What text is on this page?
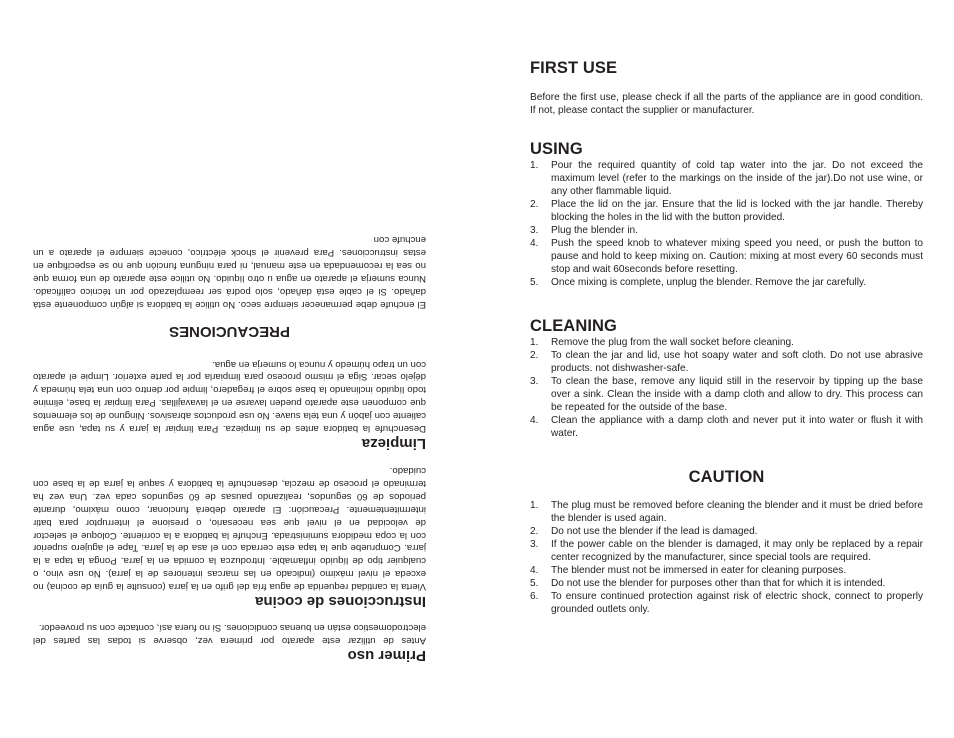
Primer uso

Antes de utilizar este aparato por primera vez, observe si todas las partes del electrodomestico están en buenas condiciones. Si no fuera así, contacte con su proveedor.

Instrucciones de cocina

Vierta la cantidad requerida de agua fría del grifo en la jarra (consulte la guía de cocina) no exceda el nivel máximo (indicado en las marcas interiores de la jarra). No use vino, o cualquier tipo de líquido inflamable. Introduzca la comida en la jarra. Ponga la tapa a la jarra. Compruebe que la tapa este cerrada con el asa de la jarra. Tape el agujero superior con la copa medidora suministrada. Enchufe la batidora a la corriente. Coloque el selector de velocidad en el nivel que sea necesario, o presione el interruptor para batir intermitentemente. Precaución: El aparato deberá funcionar, como máximo, durante periodos de 60 segundos, realizando pausas de 60 segundos cada vez. Una vez ha terminado el proceso de mezcla, desenchufe la batidora y saque la jarra de la base con cuidado.

Limpieza

Desenchufe la batidora antes de su limpieza. Para limpiar la jarra y su tapa, use agua caliente con jabón y una tela suave. No use productos abrasivos. Ninguno de los elementos que componen este aparato pueden lavarse en el lavavajillas. Para limpiar la base, elimine todo líquido inclinando la base sobre el fregadero, limpie por dentro con una tela húmeda y déjelo secar. Siga el mismo proceso para limpiarla por la parte exterior. Limpie el aparato con un trapo húmedo y nunca lo sumerja en agua.

PRECAUCIONES

El enchufe debe permanecer siempre seco. No utilice la batidora si algún componente está dañado. Si el cable está dañado, solo podrá ser reemplazado por un técnico calificado. Nunca sumerja el aparato en agua u otro líquido. No utilice este aparato de una forma que no sea la recomendada en este manual, ni para ninguna función que no se especifique en estas instrucciones. Para prevenir el shock eléctrico, conecte siempre el aparato a un enchufe con

FIRST USE

Before the first use, please check if all the parts of the appliance are in good condition. If not, please contact the supplier or manufacturer.

USING
1. Pour the required quantity of cold tap water into the jar. Do not exceed the maximum level (refer to the markings on the inside of the jar).Do not use wine, or any other flammable liquid.
2. Place the lid on the jar. Ensure that the lid is locked with the jar handle. Thereby blocking the holes in the lid with the button provided.
3. Plug the blender in.
4. Push the speed knob to whatever mixing speed you need, or push the button to pause and hold to keep mixing on. Caution: mixing at most every 60 seconds must stop and wait 60seconds before resetting.
5. Once mixing is complete, unplug the blender. Remove the jar carefully.
CLEANING
1. Remove the plug from the wall socket before cleaning.
2. To clean the jar and lid, use hot soapy water and soft cloth. Do not use abrasive products. not dishwasher-safe.
3. To clean the base, remove any liquid still in the reservoir by tipping up the base over a sink. Clean the inside with a damp cloth and allow to dry. This process can be repeated for the outside of the base.
4. Clean the appliance with a damp cloth and never put it into water or flush it with water.
CAUTION
1. The plug must be removed before cleaning the blender and it must be dried before the blender is used again.
2. Do not use the blender if the lead is damaged.
3. If the power cable on the blender is damaged, it may only be replaced by a repair center recognized by the manufacturer, since special tools are required.
4. The blender must not be immersed in eater for cleaning purposes.
5. Do not use the blender for purposes other than that for which it is intended.
6. To ensure continued protection against risk of electric shock, connect to properly grounded outlets only.
